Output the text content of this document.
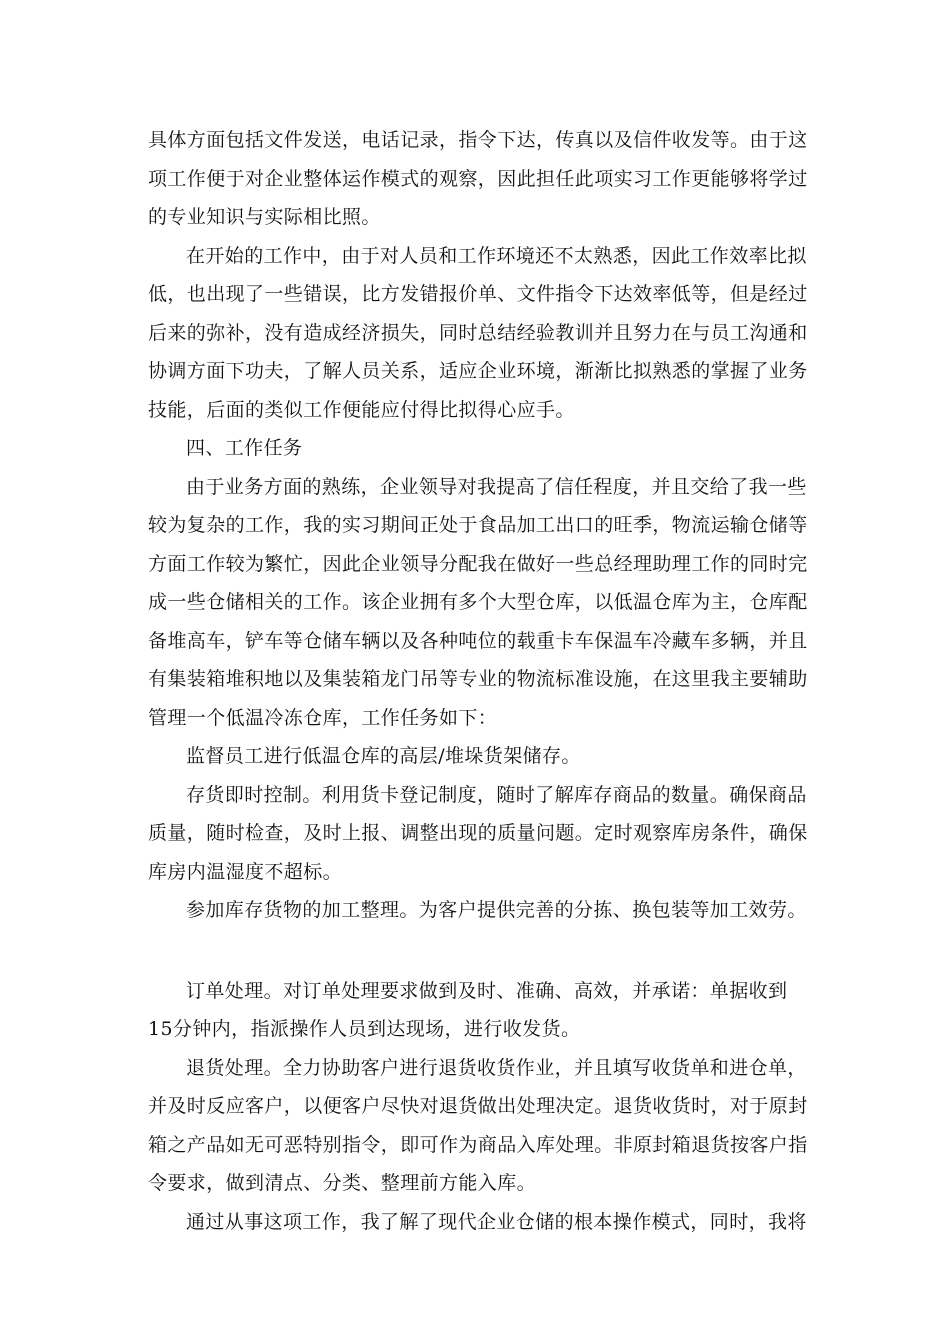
具体方面包括文件发送，电话记录，指令下达，传真以及信件收发等。由于这
项工作便于对企业整体运作模式的观察，因此担任此项实习工作更能够将学过
的专业知识与实际相比照。
在开始的工作中，由于对人员和工作环境还不太熟悉，因此工作效率比拟
低，也出现了一些错误，比方发错报价单、文件指令下达效率低等，但是经过
后来的弥补，没有造成经济损失，同时总结经验教训并且努力在与员工沟通和
协调方面下功夫，了解人员关系，适应企业环境，渐渐比拟熟悉的掌握了业务
技能，后面的类似工作便能应付得比拟得心应手。
四、工作任务
由于业务方面的熟练，企业领导对我提高了信任程度，并且交给了我一些
较为复杂的工作，我的实习期间正处于食品加工出口的旺季，物流运输仓储等
方面工作较为繁忙，因此企业领导分配我在做好一些总经理助理工作的同时完
成一些仓储相关的工作。该企业拥有多个大型仓库，以低温仓库为主，仓库配
备堆高车，铲车等仓储车辆以及各种吨位的载重卡车保温车冷藏车多辆，并且
有集装箱堆积地以及集装箱龙门吊等专业的物流标准设施，在这里我主要辅助
管理一个低温冷冻仓库，工作任务如下：
监督员工进行低温仓库的高层/堆垛货架储存。
存货即时控制。利用货卡登记制度，随时了解库存商品的数量。确保商品
质量，随时检查，及时上报、调整出现的质量问题。定时观察库房条件，确保
库房内温湿度不超标。
参加库存货物的加工整理。为客户提供完善的分拣、换包装等加工效劳。
订单处理。对订单处理要求做到及时、准确、高效，并承诺：单据收到
15分钟内，指派操作人员到达现场，进行收发货。
退货处理。全力协助客户进行退货收货作业，并且填写收货单和进仓单，
并及时反应客户，以便客户尽快对退货做出处理决定。退货收货时，对于原封
箱之产品如无可恶特别指令，即可作为商品入库处理。非原封箱退货按客户指
令要求，做到清点、分类、整理前方能入库。
通过从事这项工作，我了解了现代企业仓储的根本操作模式，同时，我将
